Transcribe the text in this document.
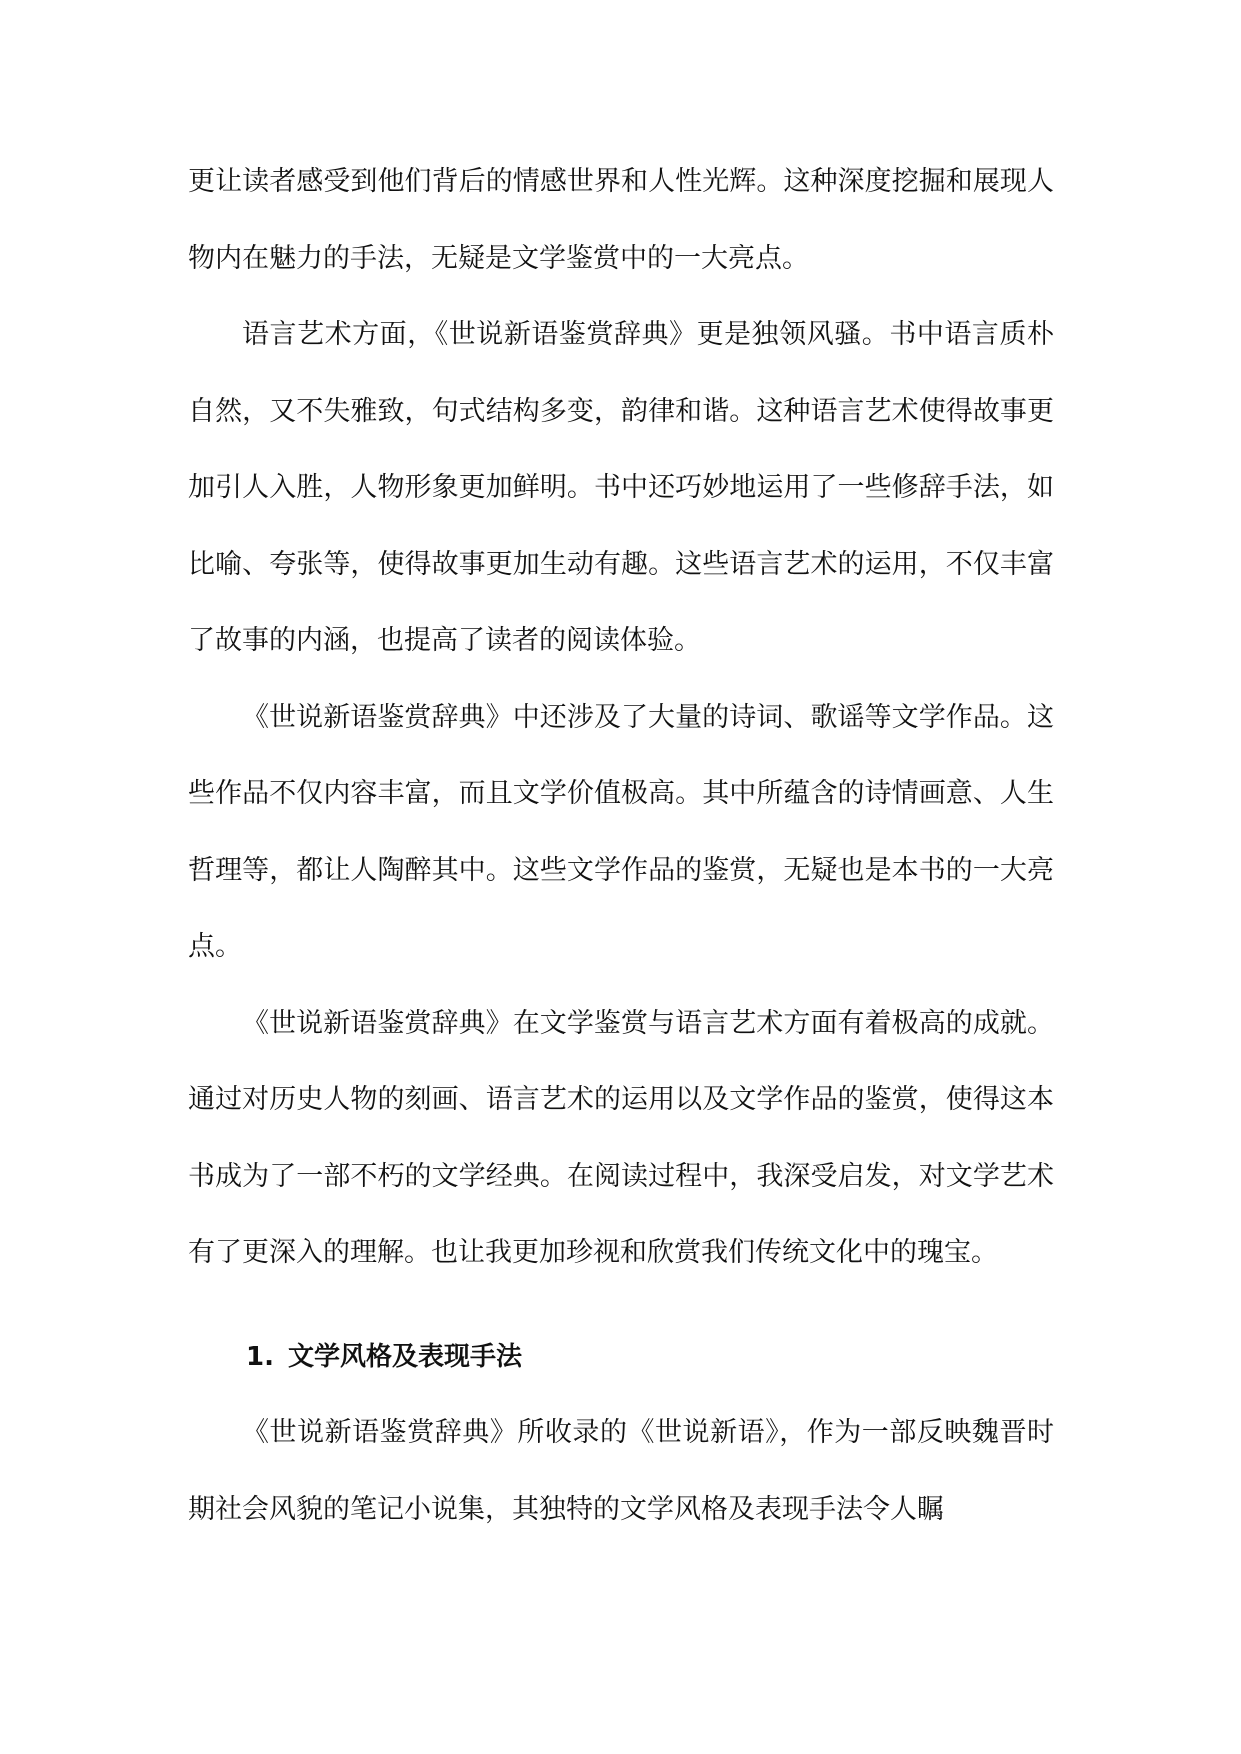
更让读者感受到他们背后的情感世界和人性光辉。这种深度挖掘和展现人物内在魅力的手法，无疑是文学鉴赏中的一大亮点。

语言艺术方面，《世说新语鉴赏辞典》更是独领风骚。书中语言质朴自然，又不失雅致，句式结构多变，韵律和谐。这种语言艺术使得故事更加引人入胜，人物形象更加鲜明。书中还巧妙地运用了一些修辞手法，如比喻、夸张等，使得故事更加生动有趣。这些语言艺术的运用，不仅丰富了故事的内涵，也提高了读者的阅读体验。

《世说新语鉴赏辞典》中还涉及了大量的诗词、歌谣等文学作品。这些作品不仅内容丰富，而且文学价值极高。其中所蕴含的诗情画意、人生哲理等，都让人陶醉其中。这些文学作品的鉴赏，无疑也是本书的一大亮点。

《世说新语鉴赏辞典》在文学鉴赏与语言艺术方面有着极高的成就。通过对历史人物的刻画、语言艺术的运用以及文学作品的鉴赏，使得这本书成为了一部不朽的文学经典。在阅读过程中，我深受启发，对文学艺术有了更深入的理解。也让我更加珍视和欣赏我们传统文化中的瑰宝。

1. 文学风格及表现手法

《世说新语鉴赏辞典》所收录的《世说新语》，作为一部反映魏晋时期社会风貌的笔记小说集，其独特的文学风格及表现手法令人瞩
